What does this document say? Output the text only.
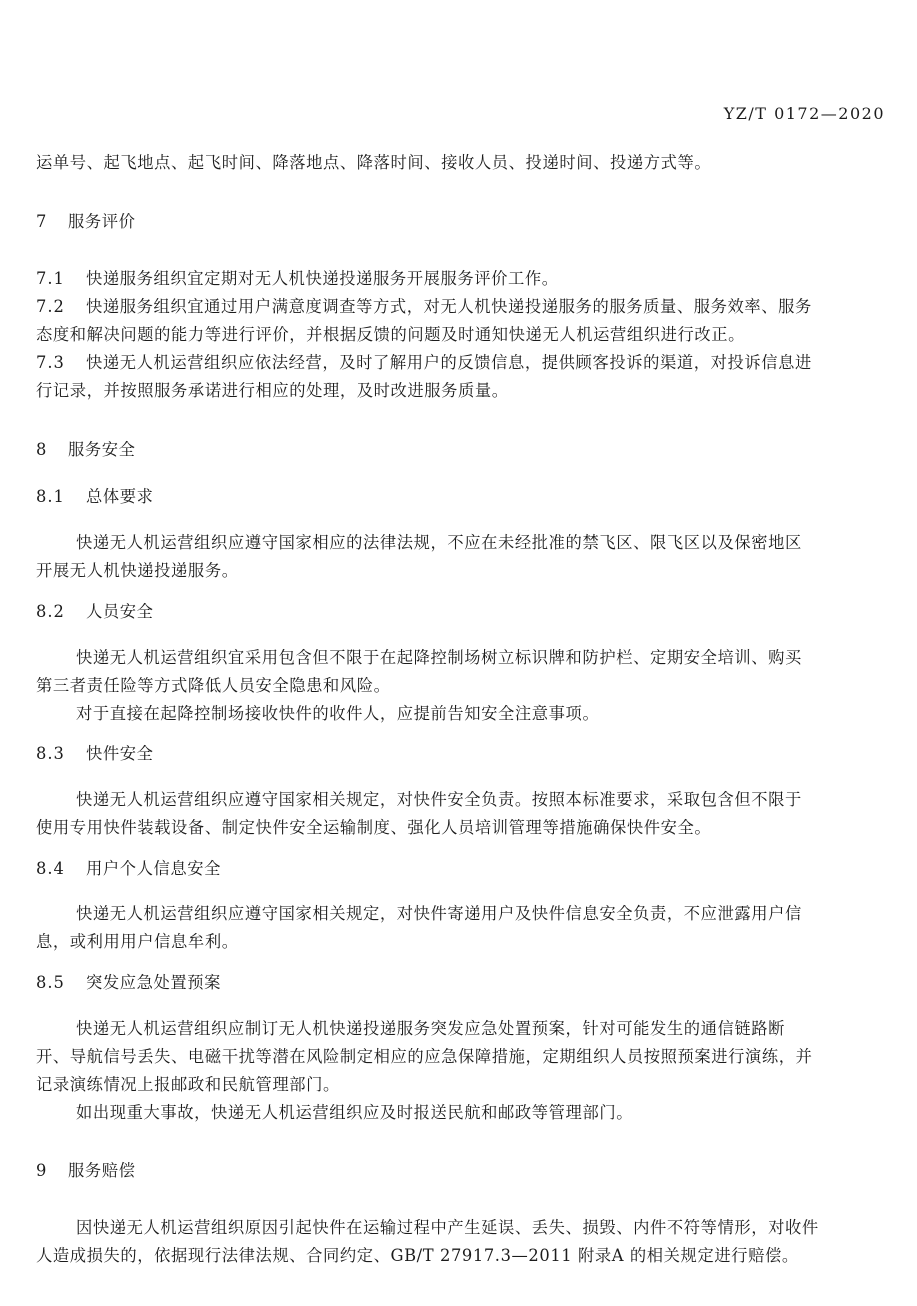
YZ/T 0172—2020
运单号、起飞地点、起飞时间、降落地点、降落时间、接收人员、投递时间、投递方式等。
7 服务评价
7.1 快递服务组织宜定期对无人机快递投递服务开展服务评价工作。
7.2 快递服务组织宜通过用户满意度调查等方式，对无人机快递投递服务的服务质量、服务效率、服务
态度和解决问题的能力等进行评价，并根据反馈的问题及时通知快递无人机运营组织进行改正。
7.3 快递无人机运营组织应依法经营，及时了解用户的反馈信息，提供顾客投诉的渠道，对投诉信息进
行记录，并按照服务承诺进行相应的处理，及时改进服务质量。
8 服务安全
8.1 总体要求
快递无人机运营组织应遵守国家相应的法律法规，不应在未经批准的禁飞区、限飞区以及保密地区
开展无人机快递投递服务。
8.2 人员安全
快递无人机运营组织宜采用包含但不限于在起降控制场树立标识牌和防护栏、定期安全培训、购买
第三者责任险等方式降低人员安全隐患和风险。
对于直接在起降控制场接收快件的收件人，应提前告知安全注意事项。
8.3 快件安全
快递无人机运营组织应遵守国家相关规定，对快件安全负责。按照本标准要求，采取包含但不限于
使用专用快件装载设备、制定快件安全运输制度、强化人员培训管理等措施确保快件安全。
8.4 用户个人信息安全
快递无人机运营组织应遵守国家相关规定，对快件寄递用户及快件信息安全负责，不应泄露用户信
息，或利用用户信息牟利。
8.5 突发应急处置预案
快递无人机运营组织应制订无人机快递投递服务突发应急处置预案，针对可能发生的通信链路断
开、导航信号丢失、电磁干扰等潜在风险制定相应的应急保障措施，定期组织人员按照预案进行演练，并
记录演练情况上报邮政和民航管理部门。
如出现重大事故，快递无人机运营组织应及时报送民航和邮政等管理部门。
9 服务赔偿
因快递无人机运营组织原因引起快件在运输过程中产生延误、丢失、损毁、内件不符等情形，对收件
人造成损失的，依据现行法律法规、合同约定、GB/T 27917.3—2011 附录A 的相关规定进行赔偿。
